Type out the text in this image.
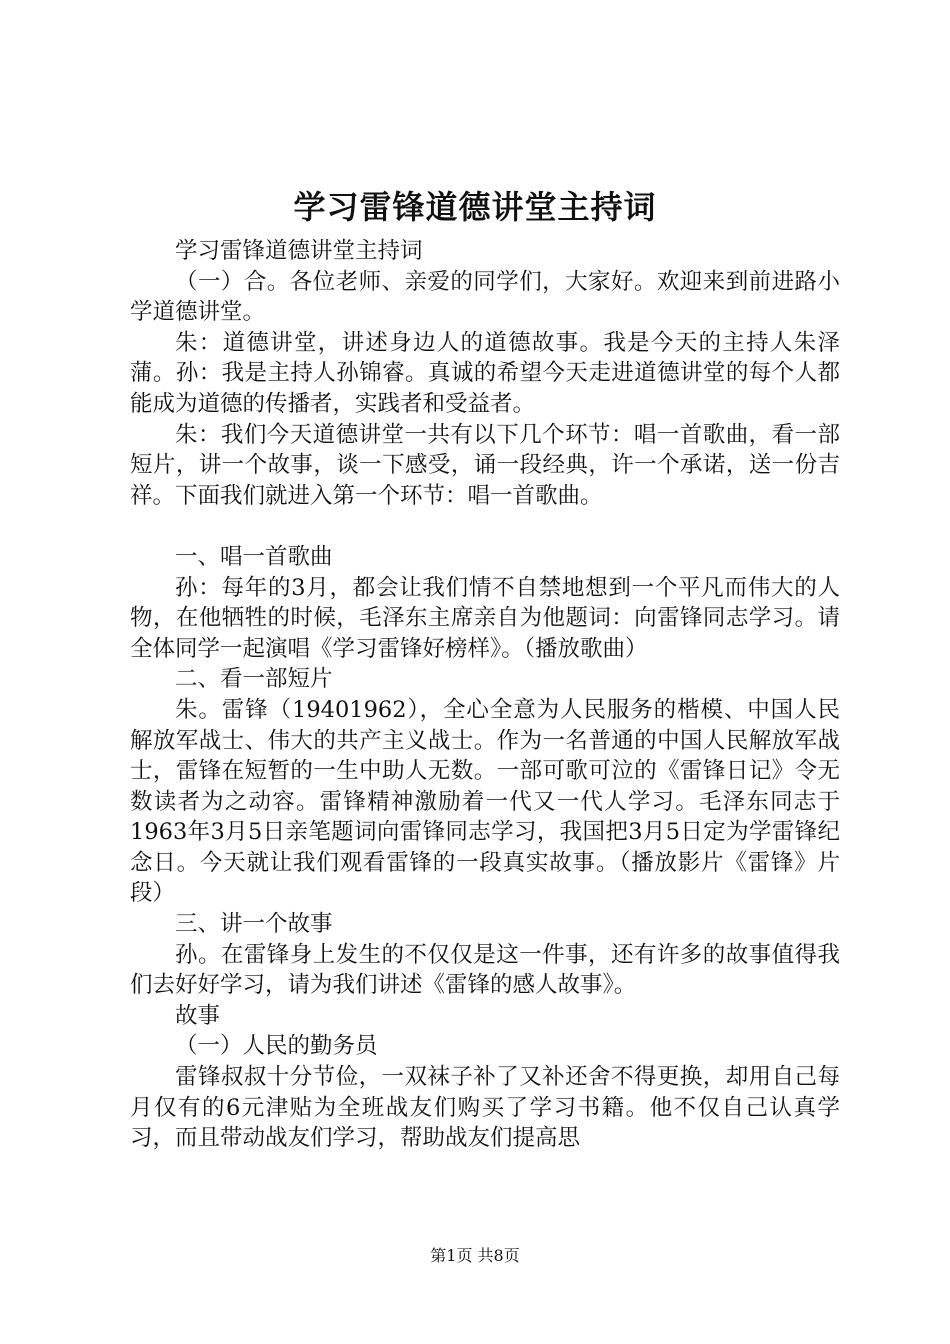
学习雷锋道德讲堂主持词

学习雷锋道德讲堂主持词

（一）合。各位老师、亲爱的同学们，大家好。欢迎来到前进路小学道德讲堂。

朱：道德讲堂，讲述身边人的道德故事。我是今天的主持人朱泽蒲。孙：我是主持人孙锦睿。真诚的希望今天走进道德讲堂的每个人都能成为道德的传播者，实践者和受益者。

朱：我们今天道德讲堂一共有以下几个环节：唱一首歌曲，看一部短片，讲一个故事，谈一下感受，诵一段经典，许一个承诺，送一份吉祥。下面我们就进入第一个环节：唱一首歌曲。

一、唱一首歌曲

孙：每年的3月，都会让我们情不自禁地想到一个平凡而伟大的人物，在他牺牲的时候，毛泽东主席亲自为他题词：向雷锋同志学习。请全体同学一起演唱《学习雷锋好榜样》。（播放歌曲）

二、看一部短片

朱。雷锋（19401962），全心全意为人民服务的楷模、中国人民解放军战士、伟大的共产主义战士。作为一名普通的中国人民解放军战士，雷锋在短暂的一生中助人无数。一部可歌可泣的《雷锋日记》令无数读者为之动容。雷锋精神激励着一代又一代人学习。毛泽东同志于1963年3月5日亲笔题词向雷锋同志学习，我国把3月5日定为学雷锋纪念日。今天就让我们观看雷锋的一段真实故事。（播放影片《雷锋》片段）

三、讲一个故事

孙。在雷锋身上发生的不仅仅是这一件事，还有许多的故事值得我们去好好学习，请为我们讲述《雷锋的感人故事》。

故事

（一）人民的勤务员

雷锋叔叔十分节俭，一双袜子补了又补还舍不得更换，却用自己每月仅有的6元津贴为全班战友们购买了学习书籍。他不仅自己认真学习，而且带动战友们学习，帮助战友们提高思

第1页 共8页
